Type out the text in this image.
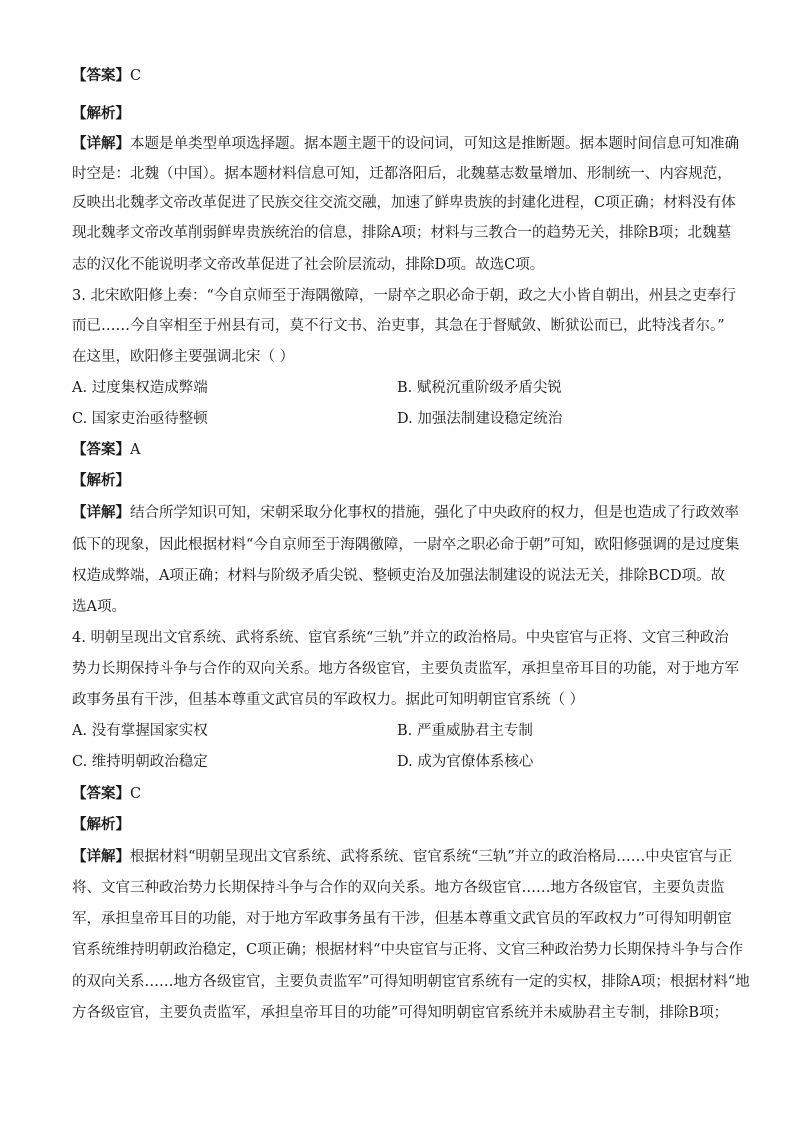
【答案】C
【解析】
【详解】本题是单类型单项选择题。据本题主题干的设问词，可知这是推断题。据本题时间信息可知准确
时空是：北魏（中国）。据本题材料信息可知，迁都洛阳后，北魏墓志数量增加、形制统一、内容规范，
反映出北魏孝文帝改革促进了民族交往交流交融，加速了鲜卑贵族的封建化进程，C项正确；材料没有体
现北魏孝文帝改革削弱鲜卑贵族统治的信息，排除A项；材料与三教合一的趋势无关，排除B项；北魏墓
志的汉化不能说明孝文帝改革促进了社会阶层流动，排除D项。故选C项。
3. 北宋欧阳修上奏：“今自京师至于海隅徼障，一尉卒之职必命于朝，政之大小皆自朝出，州县之吏奉行
而已……今自宰相至于州县有司，莫不行文书、治吏事，其急在于督赋敛、断狱讼而已，此特浅者尔。”
在这里，欧阳修主要强调北宋（ ）
A. 过度集权造成弊端	B. 赋税沉重阶级矛盾尖锐
C. 国家吏治亟待整顿	D. 加强法制建设稳定统治
【答案】A
【解析】
【详解】结合所学知识可知，宋朝采取分化事权的措施，强化了中央政府的权力，但是也造成了行政效率
低下的现象，因此根据材料“今自京师至于海隅徼障，一尉卒之职必命于朝”可知，欧阳修强调的是过度集
权造成弊端，A项正确；材料与阶级矛盾尖锐、整顿吏治及加强法制建设的说法无关，排除BCD项。故
选A项。
4. 明朝呈现出文官系统、武将系统、宦官系统“三轨”并立的政治格局。中央宦官与正将、文官三种政治
势力长期保持斗争与合作的双向关系。地方各级宦官，主要负责监军，承担皇帝耳目的功能，对于地方军
政事务虽有干涉，但基本尊重文武官员的军政权力。据此可知明朝宦官系统（ ）
A. 没有掌握国家实权	B. 严重威胁君主专制
C. 维持明朝政治稳定	D. 成为官僚体系核心
【答案】C
【解析】
【详解】根据材料“明朝呈现出文官系统、武将系统、宦官系统“三轨”并立的政治格局……中央宦官与正
将、文官三种政治势力长期保持斗争与合作的双向关系。地方各级宦官……地方各级宦官，主要负责监
军，承担皇帝耳目的功能，对于地方军政事务虽有干涉，但基本尊重文武官员的军政权力”可得知明朝宦
官系统维持明朝政治稳定，C项正确；根据材料“中央宦官与正将、文官三种政治势力长期保持斗争与合作
的双向关系……地方各级宦官，主要负责监军”可得知明朝宦官系统有一定的实权，排除A项；根据材料“地
方各级宦官，主要负责监军，承担皇帝耳目的功能”可得知明朝宦官系统并未威胁君主专制，排除B项；
